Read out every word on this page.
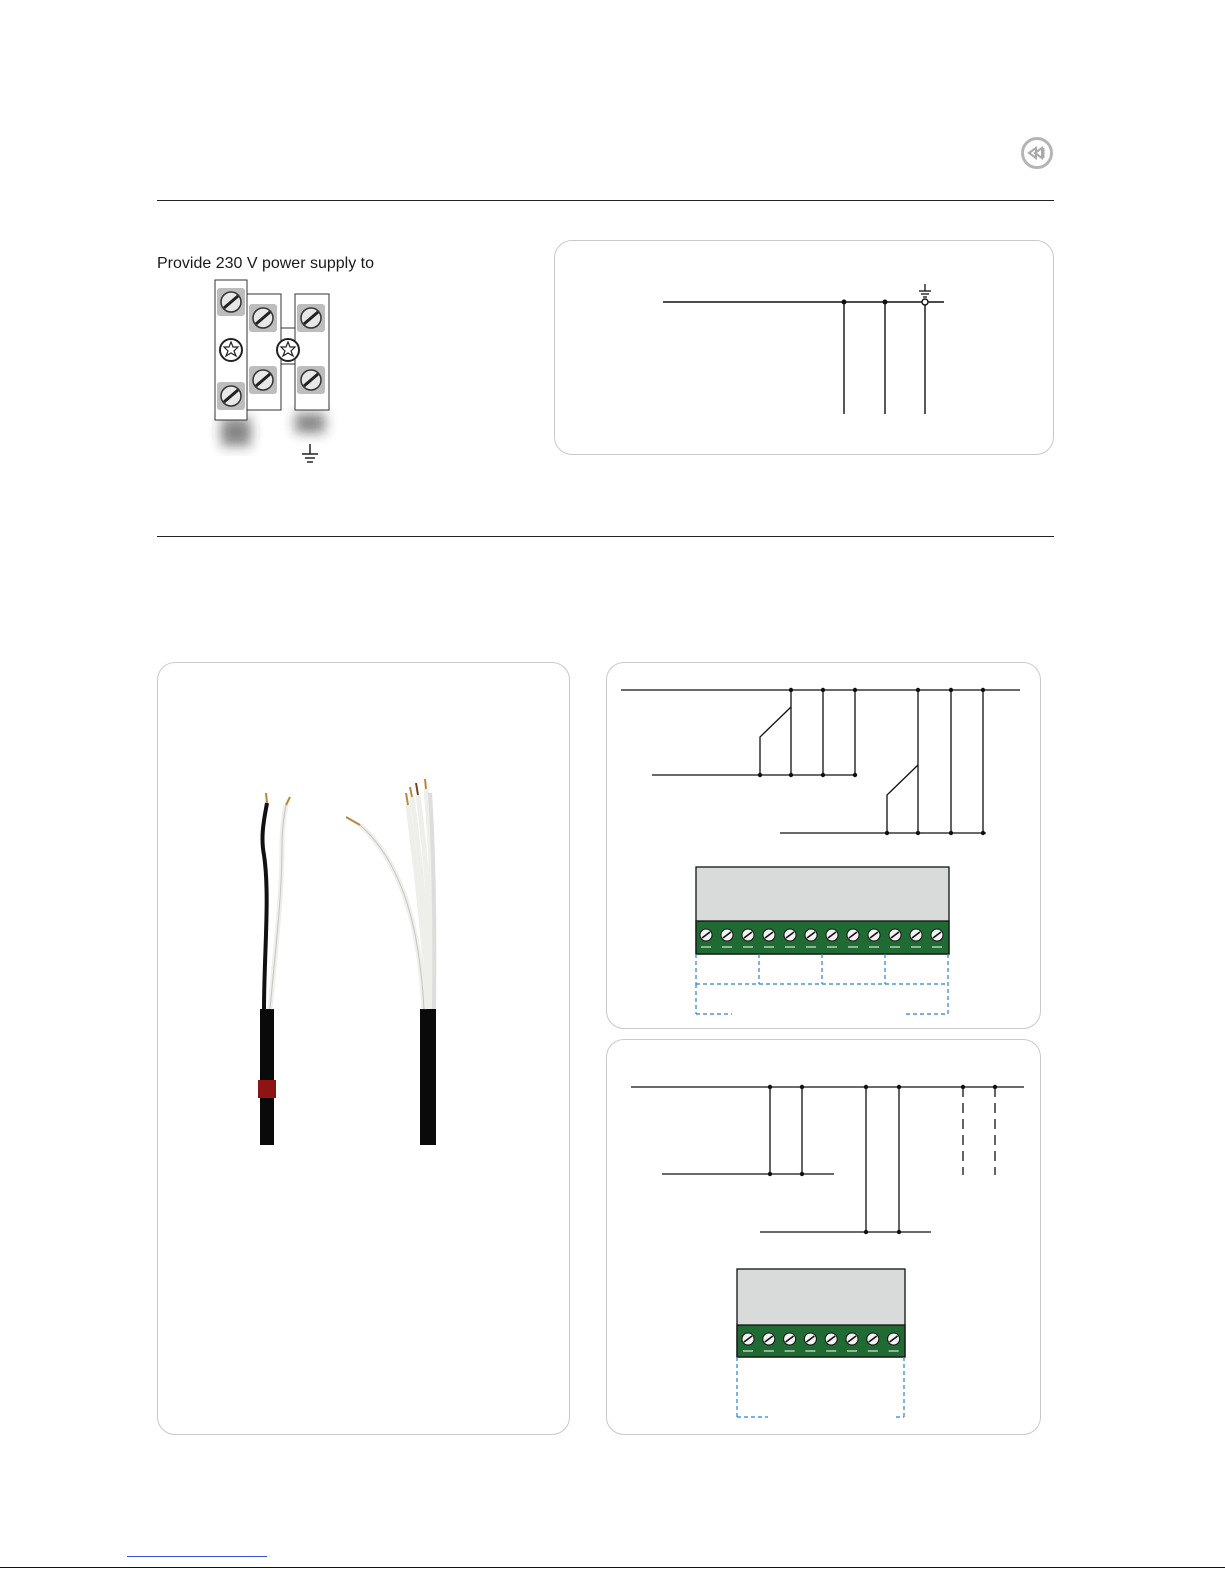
Provide 230 V power supply to
